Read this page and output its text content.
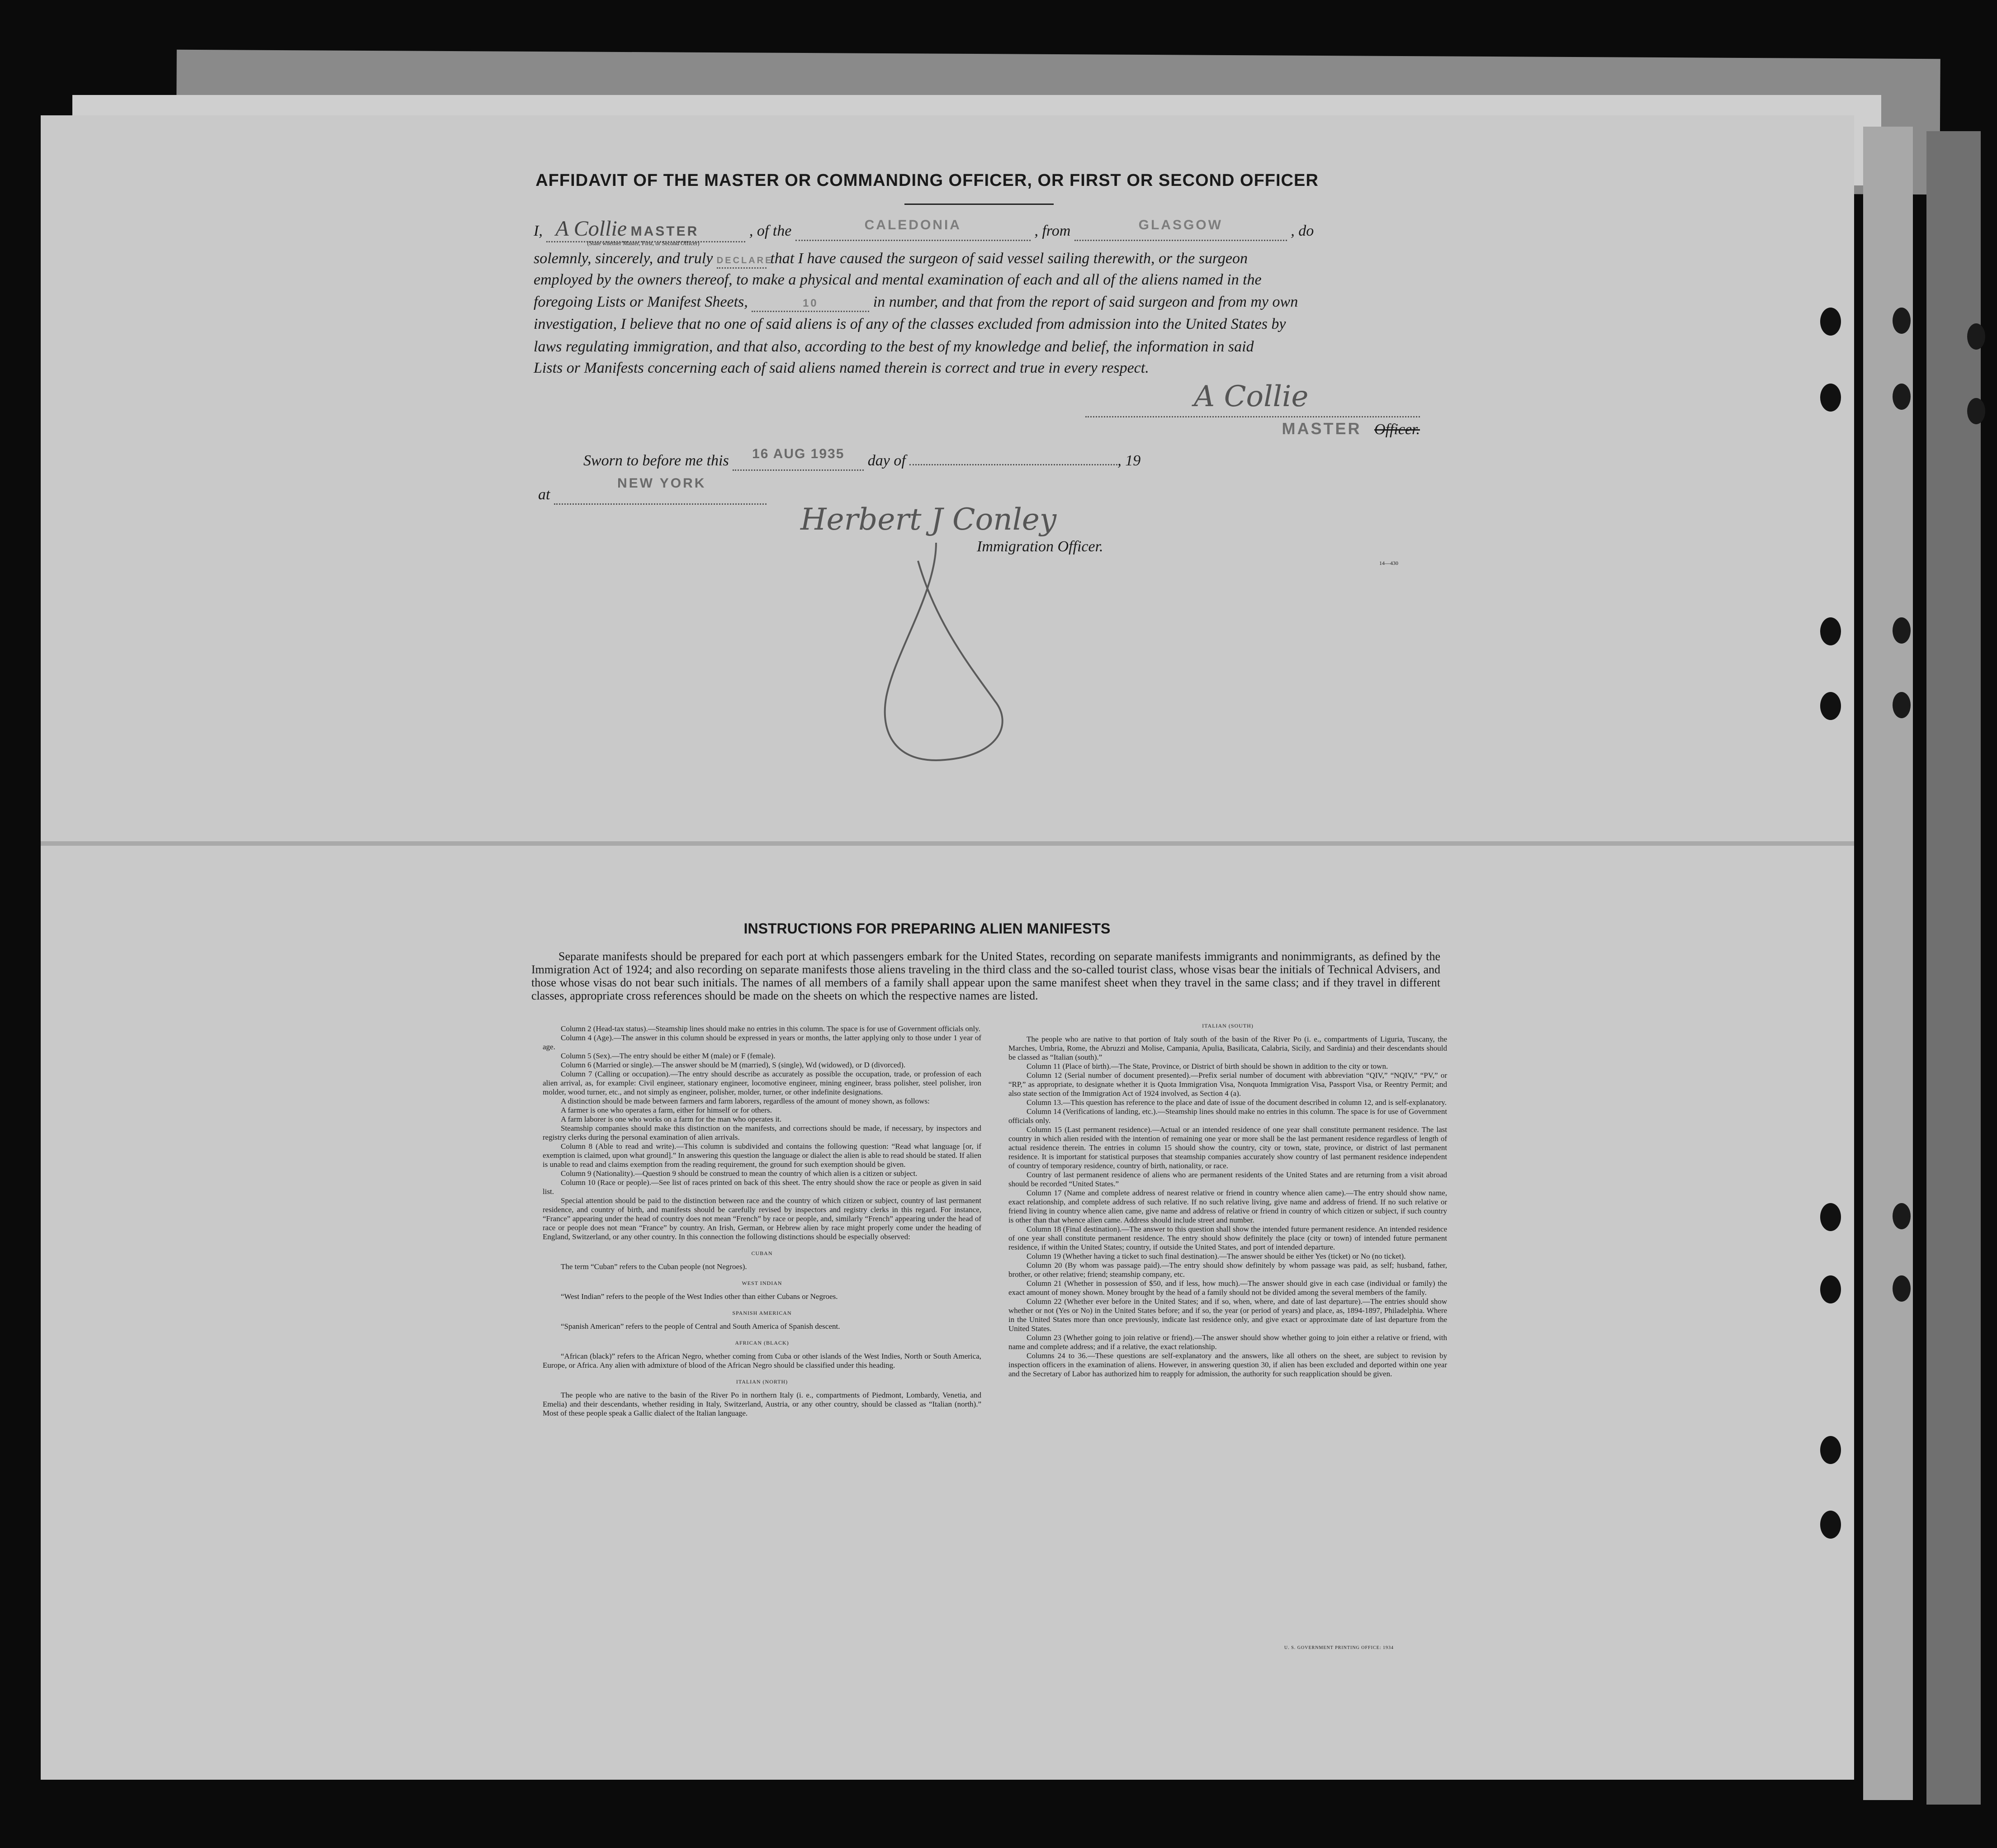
AFFIDAVIT OF THE MASTER OR COMMANDING OFFICER, OR FIRST OR SECOND OFFICER
I, A Collie MASTER
(State whether Master, First, or Second Officer)
, of the	CALEDONIA	, from	GLASGOW	, do
solemnly, sincerely, and truly DECLARE that I have caused the surgeon of said vessel sailing therewith, or the surgeon
employed by the owners thereof, to make a physical and mental examination of each and all of the aliens named in the
foregoing Lists or Manifest Sheets,	10	in number, and that from the report of said surgeon and from my own
investigation, I believe that no one of said aliens is of any of the classes excluded from admission into the United States by
laws regulating immigration, and that also, according to the best of my knowledge and belief, the information in said
Lists or Manifests concerning each of said aliens named therein is correct and true in every respect.
A Collie
MASTER Officer.
Sworn to before me this 16 AUG 1935 day of	, 19
at NEW YORK
Herbert J Conley
Immigration Officer.
14—430
INSTRUCTIONS FOR PREPARING ALIEN MANIFESTS
Separate manifests should be prepared for each port at which passengers embark for the United States, recording on separate manifests immigrants and nonimmigrants, as defined by the Immigration Act of 1924; and also recording on separate manifests those aliens traveling in the third class and the so-called tourist class, whose visas bear the initials of Technical Advisers, and those whose visas do not bear such initials. The names of all members of a family shall appear upon the same manifest sheet when they travel in the same class; and if they travel in different classes, appropriate cross references should be made on the sheets on which the respective names are listed.

Column 2 (Head-tax status).—Steamship lines should make no entries in this column. The space is for use of Government officials only.

Column 4 (Age).—The answer in this column should be expressed in years or months, the latter applying only to those under 1 year of age.

Column 5 (Sex).—The entry should be either M (male) or F (female).

Column 6 (Married or single).—The answer should be M (married), S (single), Wd (widowed), or D (divorced).

Column 7 (Calling or occupation).—The entry should describe as accurately as possible the occupation, trade, or profession of each alien arrival, as, for example: Civil engineer, stationary engineer, locomotive engineer, mining engineer, brass polisher, steel polisher, iron molder, wood turner, etc., and not simply as engineer, polisher, molder, turner, or other indefinite designations.

A distinction should be made between farmers and farm laborers, regardless of the amount of money shown, as follows:

A farmer is one who operates a farm, either for himself or for others.

A farm laborer is one who works on a farm for the man who operates it.

Steamship companies should make this distinction on the manifests, and corrections should be made, if necessary, by inspectors and registry clerks during the personal examination of alien arrivals.

Column 8 (Able to read and write).—This column is subdivided and contains the following question: “Read what language [or, if exemption is claimed, upon what ground].” In answering this question the language or dialect the alien is able to read should be stated. If alien is unable to read and claims exemption from the reading requirement, the ground for such exemption should be given.

Column 9 (Nationality).—Question 9 should be construed to mean the country of which alien is a citizen or subject.

Column 10 (Race or people).—See list of races printed on back of this sheet. The entry should show the race or people as given in said list.

Special attention should be paid to the distinction between race and the country of which citizen or subject, country of last permanent residence, and country of birth, and manifests should be carefully revised by inspectors and registry clerks in this regard. For instance, “France” appearing under the head of country does not mean “French” by race or people, and, similarly “French” appearing under the head of race or people does not mean “France” by country. An Irish, German, or Hebrew alien by race might properly come under the heading of England, Switzerland, or any other country. In this connection the following distinctions should be especially observed:

CUBAN

The term “Cuban” refers to the Cuban people (not Negroes).

WEST INDIAN

“West Indian” refers to the people of the West Indies other than either Cubans or Negroes.

SPANISH AMERICAN

“Spanish American” refers to the people of Central and South America of Spanish descent.

AFRICAN (BLACK)

“African (black)” refers to the African Negro, whether coming from Cuba or other islands of the West Indies, North or South America, Europe, or Africa. Any alien with admixture of blood of the African Negro should be classified under this heading.

ITALIAN (NORTH)

The people who are native to the basin of the River Po in northern Italy (i. e., compartments of Piedmont, Lombardy, Venetia, and Emelia) and their descendants, whether residing in Italy, Switzerland, Austria, or any other country, should be classed as “Italian (north).” Most of these people speak a Gallic dialect of the Italian language.

ITALIAN (SOUTH)

The people who are native to that portion of Italy south of the basin of the River Po (i. e., compartments of Liguria, Tuscany, the Marches, Umbria, Rome, the Abruzzi and Molise, Campania, Apulia, Basilicata, Calabria, Sicily, and Sardinia) and their descendants should be classed as “Italian (south).”

Column 11 (Place of birth).—The State, Province, or District of birth should be shown in addition to the city or town.

Column 12 (Serial number of document presented).—Prefix serial number of document with abbreviation “QIV,” “NQIV,” “PV,” or “RP,” as appropriate, to designate whether it is Quota Immigration Visa, Nonquota Immigration Visa, Passport Visa, or Reentry Permit; and also state section of the Immigration Act of 1924 involved, as Section 4 (a).

Column 13.—This question has reference to the place and date of issue of the document described in column 12, and is self-explanatory.

Column 14 (Verifications of landing, etc.).—Steamship lines should make no entries in this column. The space is for use of Government officials only.

Column 15 (Last permanent residence).—Actual or an intended residence of one year shall constitute permanent residence. The last country in which alien resided with the intention of remaining one year or more shall be the last permanent residence regardless of length of actual residence therein. The entries in column 15 should show the country, city or town, state, province, or district of last permanent residence. It is important for statistical purposes that steamship companies accurately show country of last permanent residence independent of country of temporary residence, country of birth, nationality, or race.

Country of last permanent residence of aliens who are permanent residents of the United States and are returning from a visit abroad should be recorded “United States.”

Column 17 (Name and complete address of nearest relative or friend in country whence alien came).—The entry should show name, exact relationship, and complete address of such relative. If no such relative living, give name and address of friend. If no such relative or friend living in country whence alien came, give name and address of relative or friend in country of which citizen or subject, if such country is other than that whence alien came. Address should include street and number.

Column 18 (Final destination).—The answer to this question shall show the intended future permanent residence. An intended residence of one year shall constitute permanent residence. The entry should show definitely the place (city or town) of intended future permanent residence, if within the United States; country, if outside the United States, and port of intended departure.

Column 19 (Whether having a ticket to such final destination).—The answer should be either Yes (ticket) or No (no ticket).

Column 20 (By whom was passage paid).—The entry should show definitely by whom passage was paid, as self; husband, father, brother, or other relative; friend; steamship company, etc.

Column 21 (Whether in possession of $50, and if less, how much).—The answer should give in each case (individual or family) the exact amount of money shown. Money brought by the head of a family should not be divided among the several members of the family.

Column 22 (Whether ever before in the United States; and if so, when, where, and date of last departure).—The entries should show whether or not (Yes or No) in the United States before; and if so, the year (or period of years) and place, as, 1894-1897, Philadelphia. Where in the United States more than once previously, indicate last residence only, and give exact or approximate date of last departure from the United States.

Column 23 (Whether going to join relative or friend).—The answer should show whether going to join either a relative or friend, with name and complete address; and if a relative, the exact relationship.

Columns 24 to 36.—These questions are self-explanatory and the answers, like all others on the sheet, are subject to revision by inspection officers in the examination of aliens. However, in answering question 30, if alien has been excluded and deported within one year and the Secretary of Labor has authorized him to reapply for admission, the authority for such reapplication should be given.

U. S. GOVERNMENT PRINTING OFFICE: 1934
